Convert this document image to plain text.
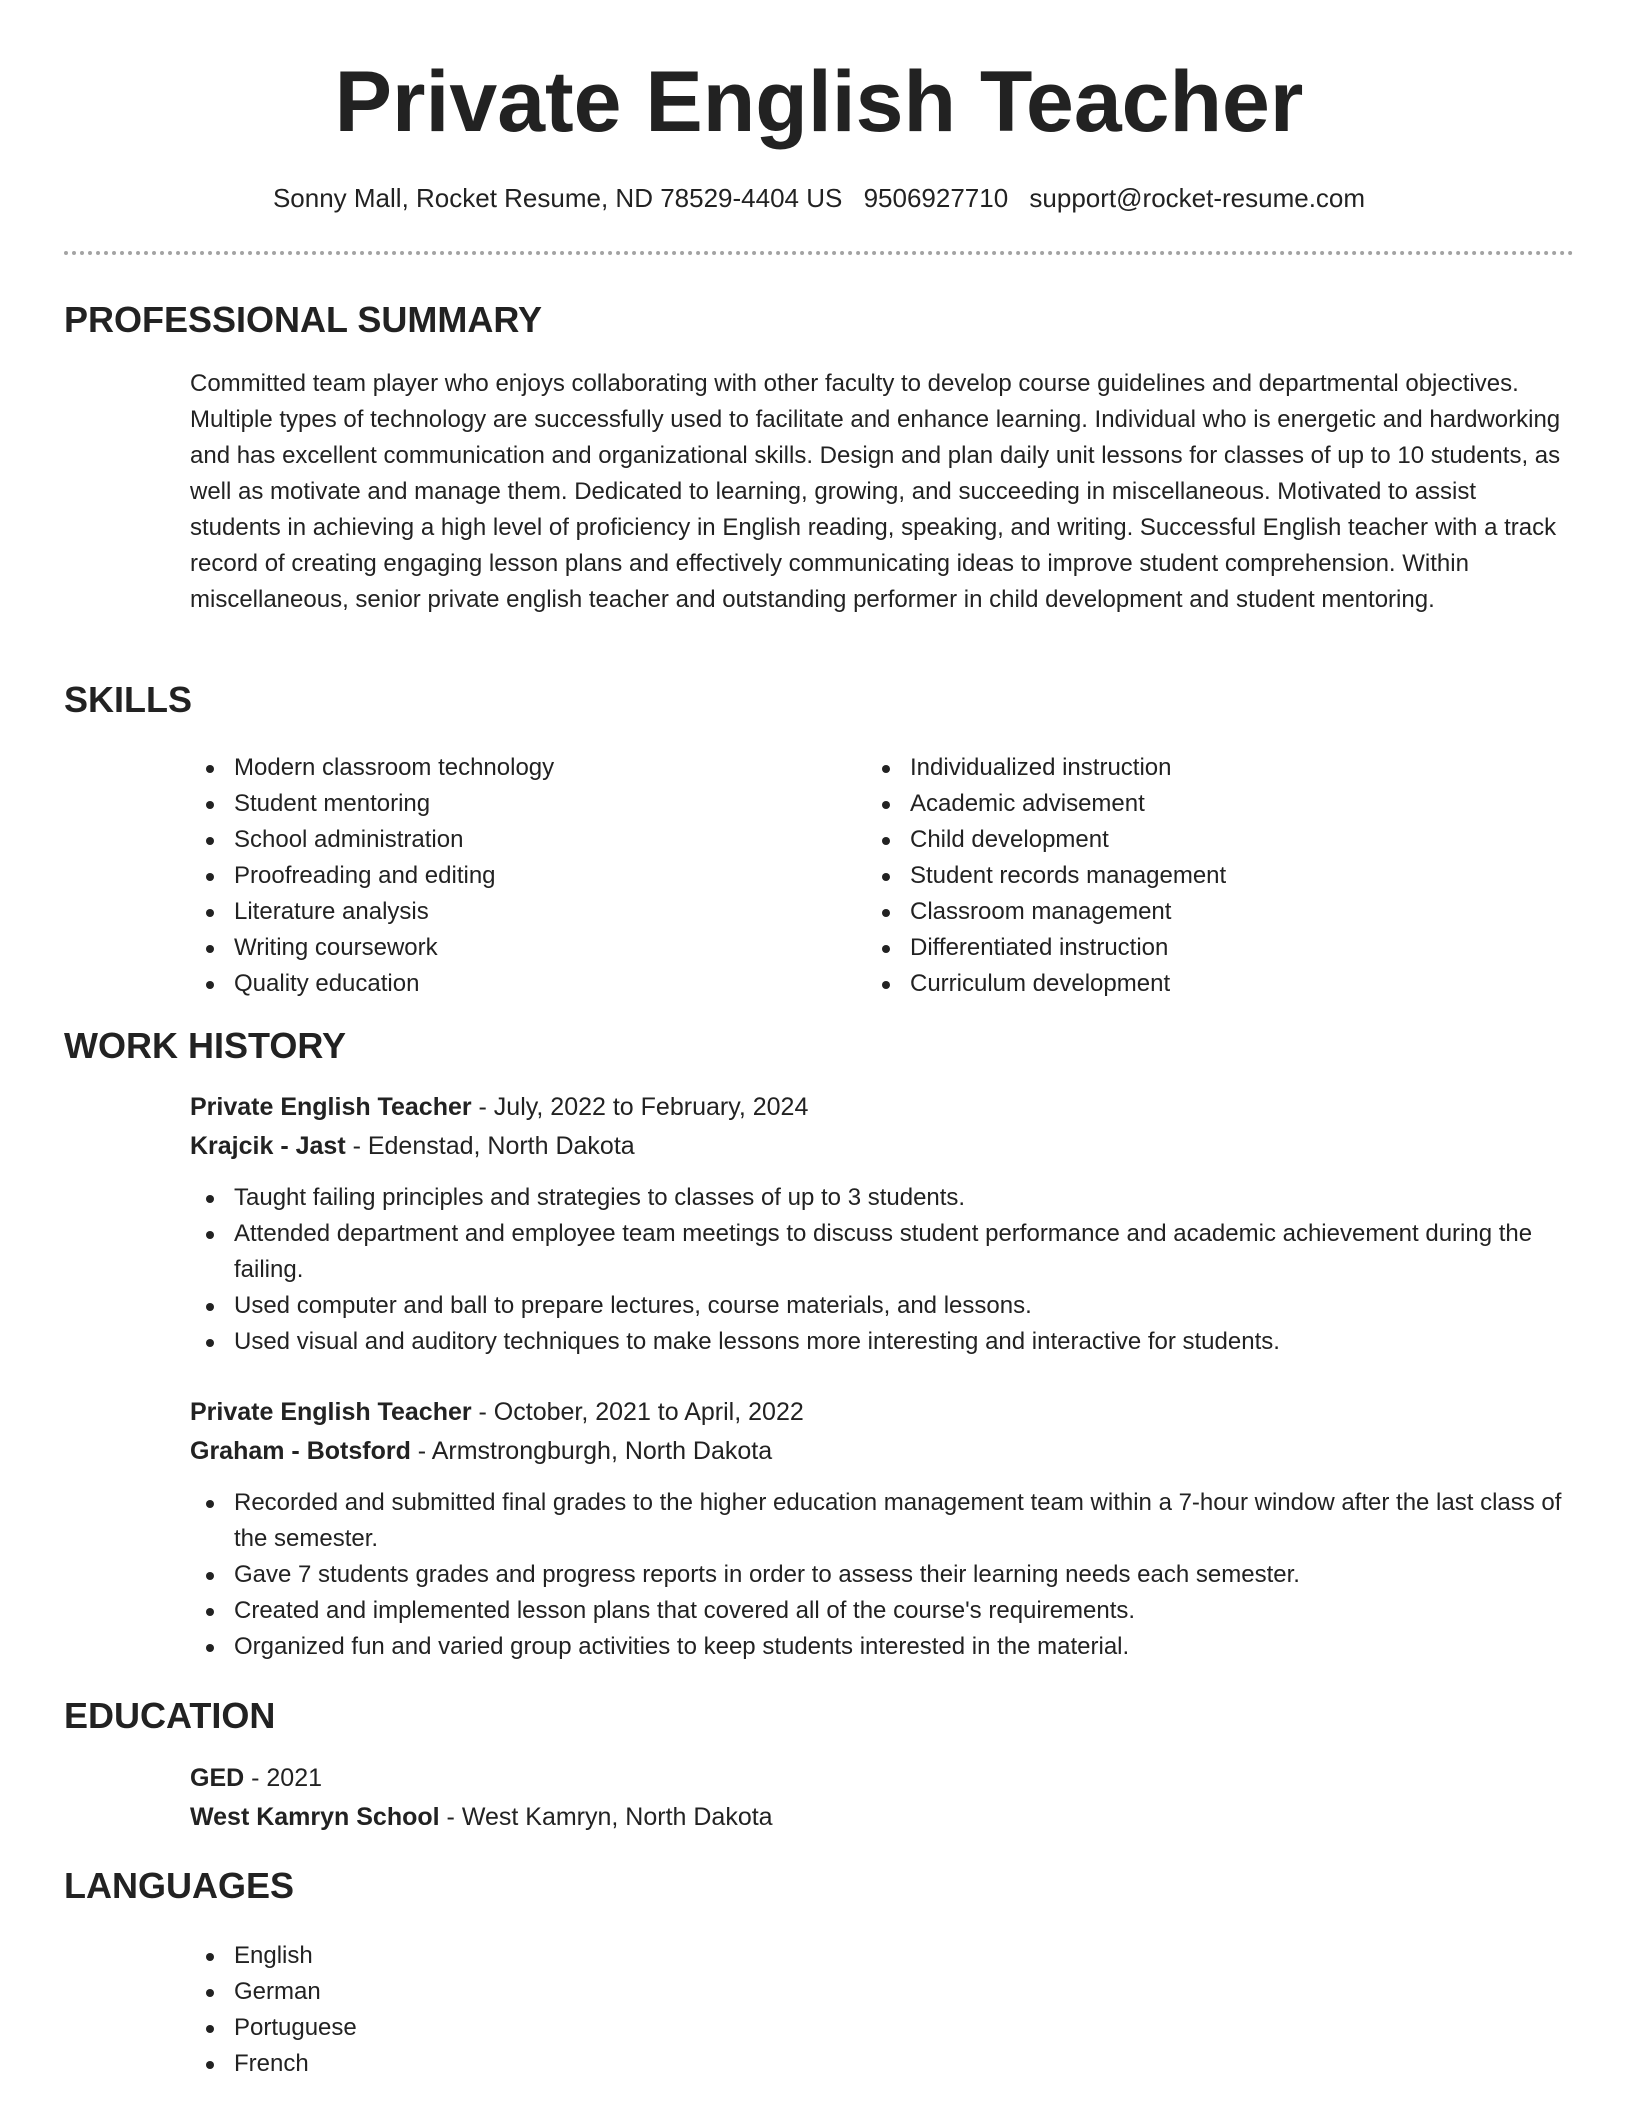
Private English Teacher
Sonny Mall, Rocket Resume, ND 78529-4404 US 9506927710 support@rocket-resume.com
PROFESSIONAL SUMMARY

Committed team player who enjoys collaborating with other faculty to develop course guidelines and departmental objectives. Multiple types of technology are successfully used to facilitate and enhance learning. Individual who is energetic and hardworking and has excellent communication and organizational skills. Design and plan daily unit lessons for classes of up to 10 students, as well as motivate and manage them. Dedicated to learning, growing, and succeeding in miscellaneous. Motivated to assist students in achieving a high level of proficiency in English reading, speaking, and writing. Successful English teacher with a track record of creating engaging lesson plans and effectively communicating ideas to improve student comprehension. Within miscellaneous, senior private english teacher and outstanding performer in child development and student mentoring.

SKILLS
Modern classroom technology
Student mentoring
School administration
Proofreading and editing
Literature analysis
Writing coursework
Quality education
Individualized instruction
Academic advisement
Child development
Student records management
Classroom management
Differentiated instruction
Curriculum development
WORK HISTORY
Private English Teacher - July, 2022 to February, 2024
Krajcik - Jast - Edenstad, North Dakota
Taught failing principles and strategies to classes of up to 3 students.
Attended department and employee team meetings to discuss student performance and academic achievement during the failing.
Used computer and ball to prepare lectures, course materials, and lessons.
Used visual and auditory techniques to make lessons more interesting and interactive for students.
Private English Teacher - October, 2021 to April, 2022
Graham - Botsford - Armstrongburgh, North Dakota
Recorded and submitted final grades to the higher education management team within a 7-hour window after the last class of the semester.
Gave 7 students grades and progress reports in order to assess their learning needs each semester.
Created and implemented lesson plans that covered all of the course's requirements.
Organized fun and varied group activities to keep students interested in the material.
EDUCATION
GED - 2021
West Kamryn School - West Kamryn, North Dakota
LANGUAGES
English
German
Portuguese
French
